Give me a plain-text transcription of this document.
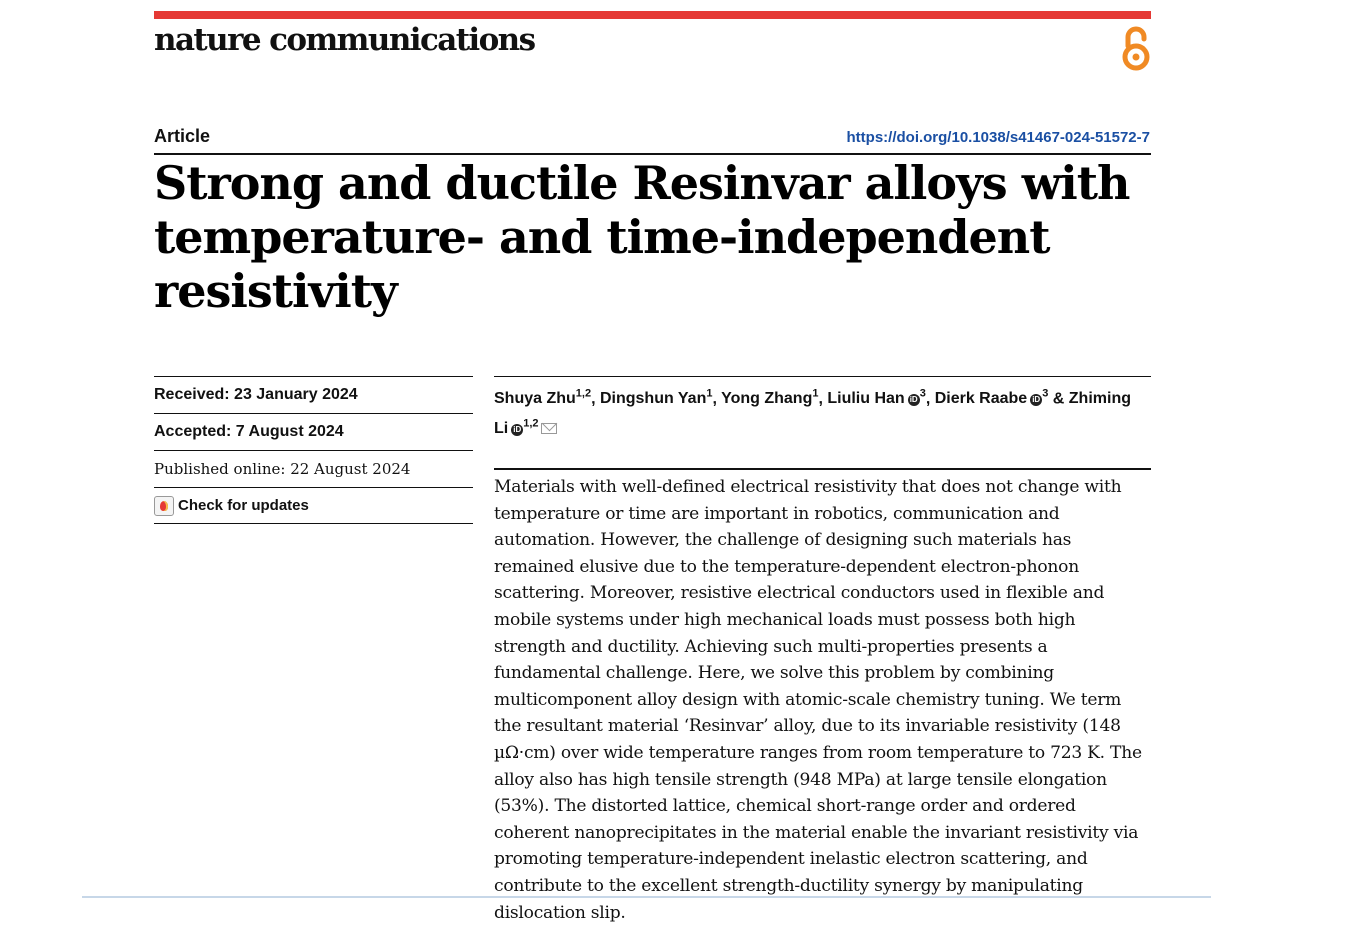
nature communications
Article	https://doi.org/10.1038/s41467-024-51572-7
Strong and ductile Resinvar alloys with temperature- and time-independent resistivity
Received: 23 January 2024
Accepted: 7 August 2024
Published online: 22 August 2024
Check for updates
Shuya Zhu$^{1,2}$, Dingshun Yan$^1$, Yong Zhang$^1$, Liuliu Han iD $^3$, Dierk Raabe iD $^3$ & Zhiming Li iD $^{1,2}$

Materials with well-defined electrical resistivity that does not change with temperature or time are important in robotics, communication and automation. However, the challenge of designing such materials has remained elusive due to the temperature-dependent electron-phonon scattering. Moreover, resistive electrical conductors used in flexible and mobile systems under high mechanical loads must possess both high strength and ductility. Achieving such multi-properties presents a fundamental challenge. Here, we solve this problem by combining multicomponent alloy design with atomic-scale chemistry tuning. We term the resultant material ‘Resinvar’ alloy, due to its invariable resistivity (148 µΩ·cm) over wide temperature ranges from room temperature to 723 K. The alloy also has high tensile strength (948 MPa) at large tensile elongation (53%). The distorted lattice, chemical short-range order and ordered coherent nanoprecipitates in the material enable the invariant resistivity via promoting temperature-independent inelastic electron scattering, and contribute to the excellent strength-ductility synergy by manipulating dislocation slip.
